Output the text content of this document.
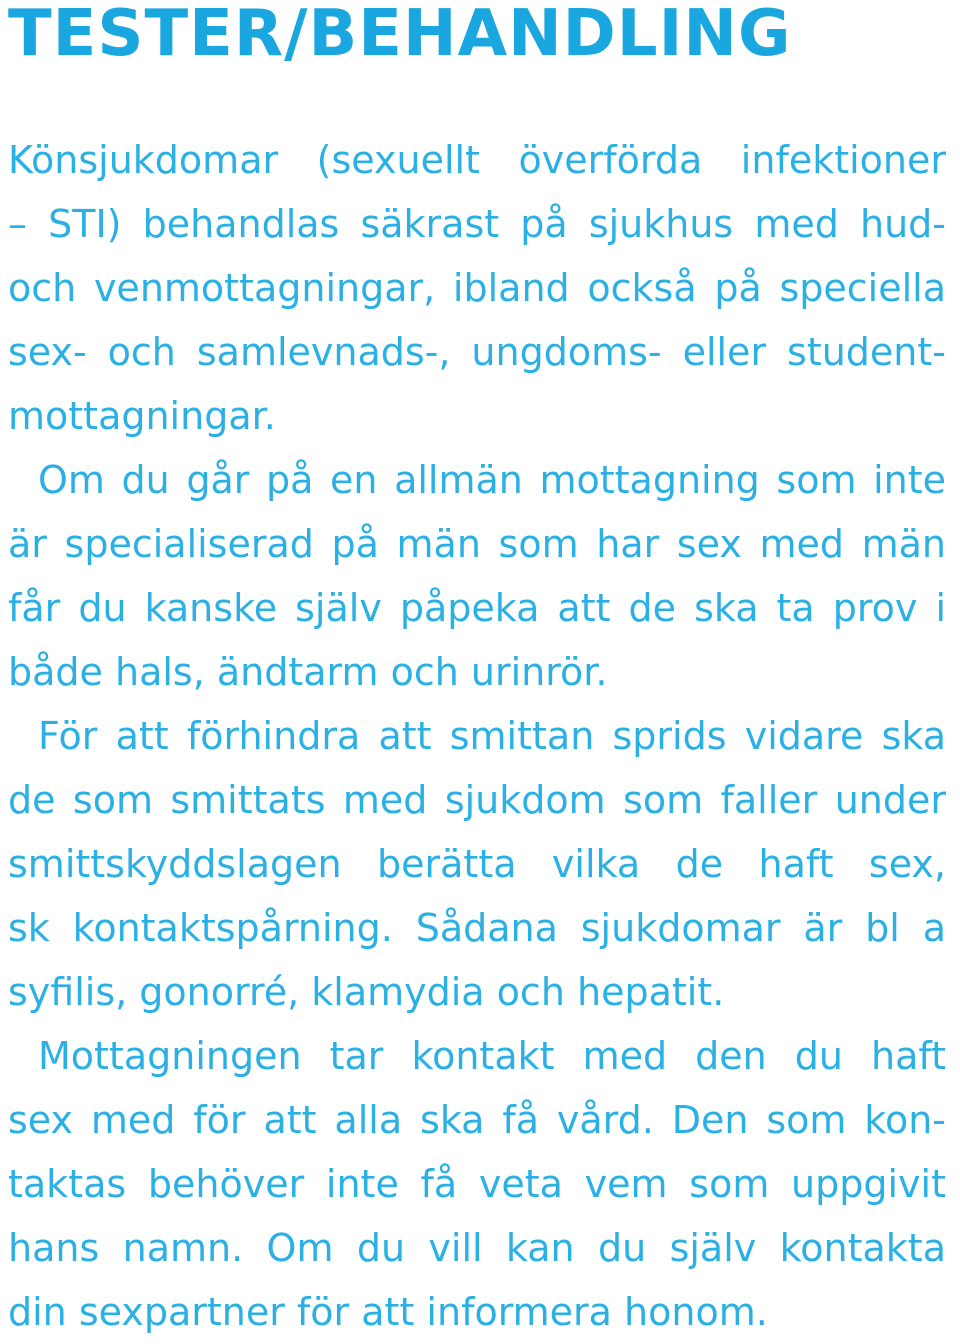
TESTER/BEHANDLING
Könsjukdomar (sexuellt överförda infektioner
– STI) behandlas säkrast på sjukhus med hud-
och venmottagningar, ibland också på speciella
sex- och samlevnads-, ungdoms- eller student-
mottagningar.
Om du går på en allmän mottagning som inte
är specialiserad på män som har sex med män
får du kanske själv påpeka att de ska ta prov i
både hals, ändtarm och urinrör.
För att förhindra att smittan sprids vidare ska
de som smittats med sjukdom som faller under
smittskyddslagen berätta vilka de haft sex,
sk kontaktspårning. Sådana sjukdomar är bl a
syfilis, gonorré, klamydia och hepatit.
Mottagningen tar kontakt med den du haft
sex med för att alla ska få vård. Den som kon-
taktas behöver inte få veta vem som uppgivit
hans namn. Om du vill kan du själv kontakta
din sexpartner för att informera honom.
